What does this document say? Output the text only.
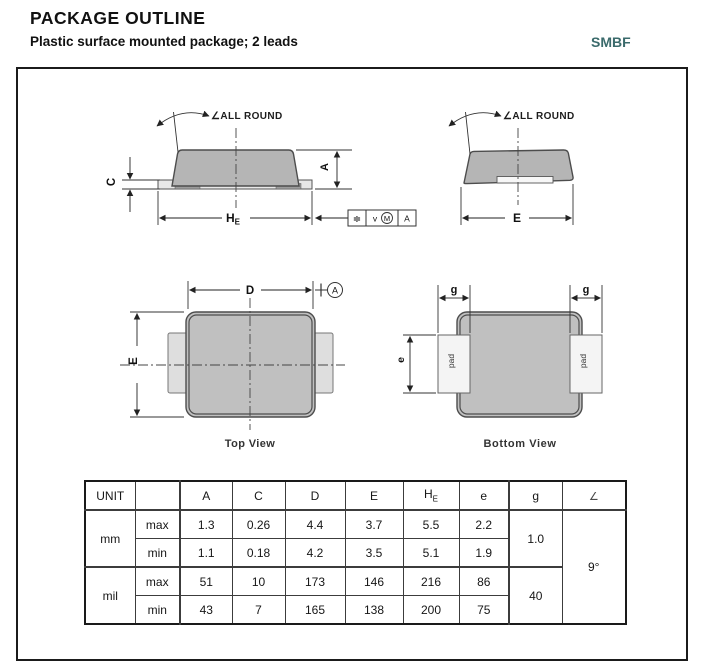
PACKAGE OUTLINE
Plastic surface mounted package; 2 leads	SMBF
∠ALL ROUND
C
A
$H_E$	≑ v M A
∠ALL ROUND
E
D	A
E
Top View
pad	pad
g	g
e
Bottom View
UNIT		A	C	D	E	$H_E$	e	g	∠
mm	max	1.3	0.26	4.4	3.7	5.5	2.2	1.0	9°
	min	1.1	0.18	4.2	3.5	5.1	1.9		
mil	max	51	10	173	146	216	86	40	
	min	43	7	165	138	200	75		
